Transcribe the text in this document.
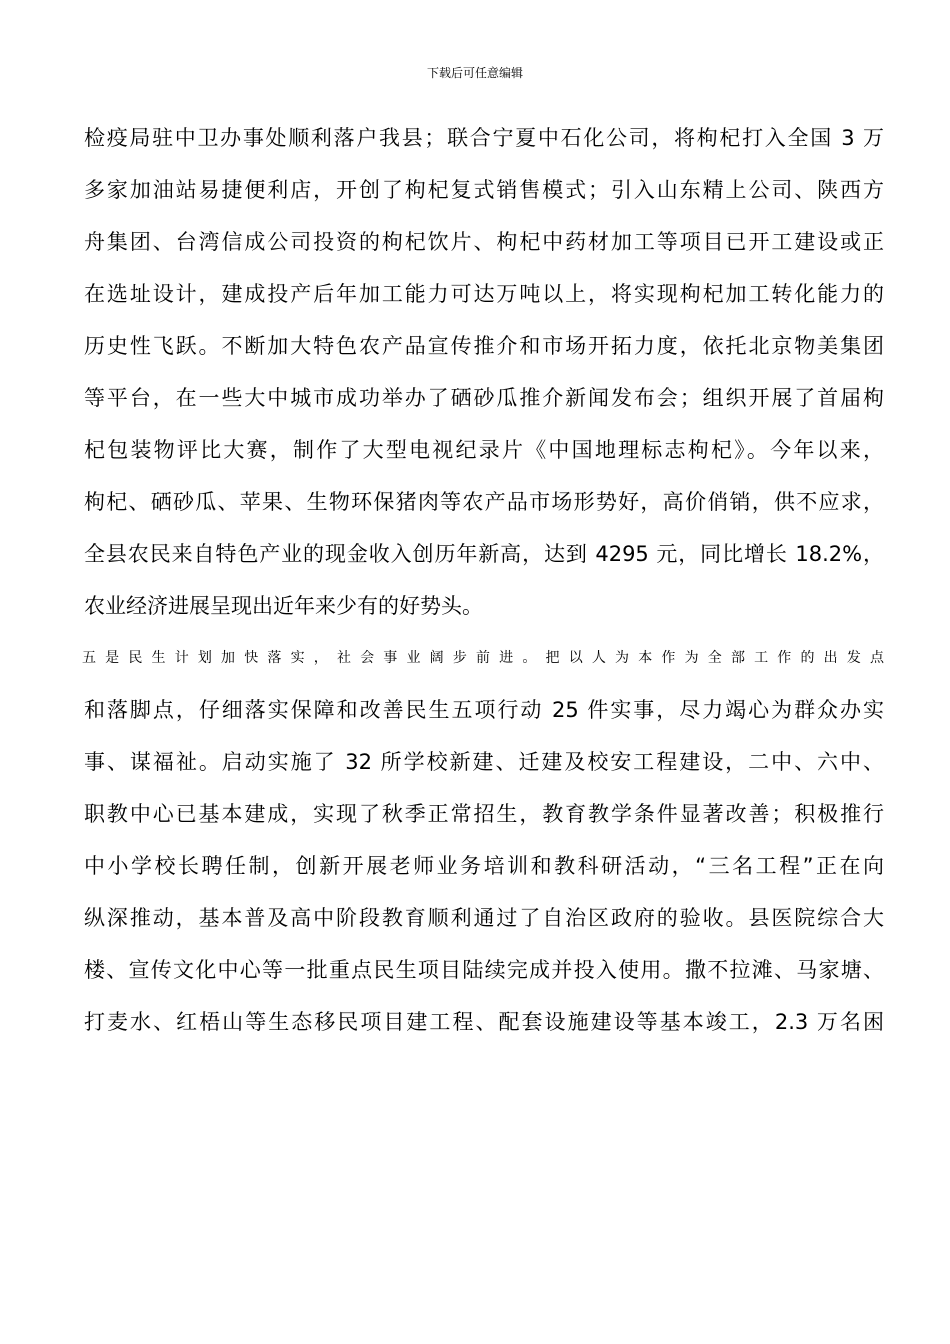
下载后可任意编辑
检疫局驻中卫办事处顺利落户我县；联合宁夏中石化公司，将枸杞打入全国 3 万
多家加油站易捷便利店，开创了枸杞复式销售模式；引入山东精上公司、陕西方
舟集团、台湾信成公司投资的枸杞饮片、枸杞中药材加工等项目已开工建设或正
在选址设计，建成投产后年加工能力可达万吨以上，将实现枸杞加工转化能力的
历史性飞跃。不断加大特色农产品宣传推介和市场开拓力度，依托北京物美集团
等平台，在一些大中城市成功举办了硒砂瓜推介新闻发布会；组织开展了首届枸
杞包装物评比大赛，制作了大型电视纪录片《中国地理标志枸杞》。今年以来，
枸杞、硒砂瓜、苹果、生物环保猪肉等农产品市场形势好，高价俏销，供不应求，
全县农民来自特色产业的现金收入创历年新高，达到 4295 元，同比增长 18.2%，
农业经济进展呈现出近年来少有的好势头。
五是民生计划加快落实，社会事业阔步前进。把以人为本作为全部工作的出发点
和落脚点，仔细落实保障和改善民生五项行动 25 件实事，尽力竭心为群众办实
事、谋福祉。启动实施了 32 所学校新建、迁建及校安工程建设，二中、六中、
职教中心已基本建成，实现了秋季正常招生，教育教学条件显著改善；积极推行
中小学校长聘任制，创新开展老师业务培训和教科研活动，“三名工程”正在向
纵深推动，基本普及高中阶段教育顺利通过了自治区政府的验收。县医院综合大
楼、宣传文化中心等一批重点民生项目陆续完成并投入使用。撒不拉滩、马家塘、
打麦水、红梧山等生态移民项目建工程、配套设施建设等基本竣工，2.3 万名困
